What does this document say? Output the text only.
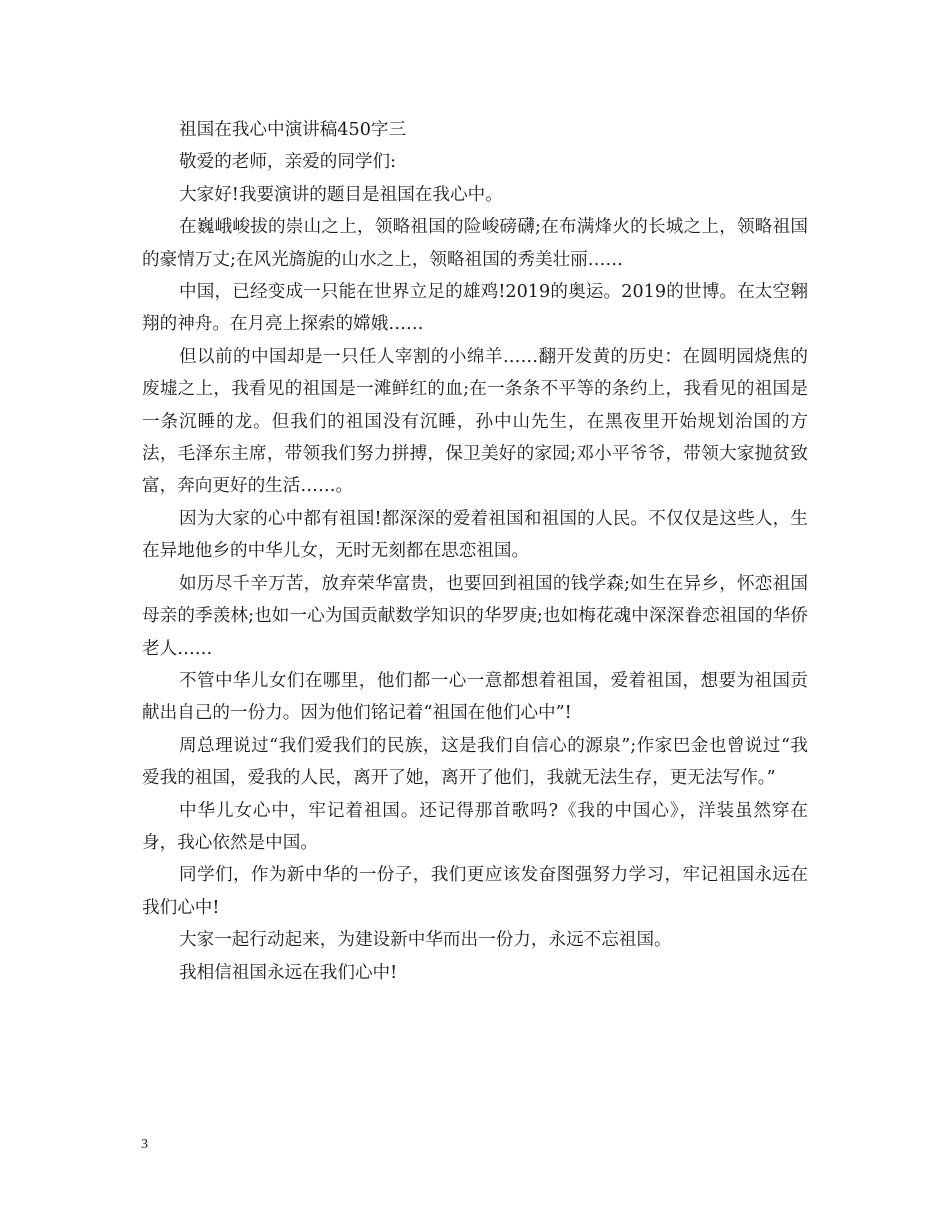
祖国在我心中演讲稿450字三

敬爱的老师，亲爱的同学们:

大家好!我要演讲的题目是祖国在我心中。

在巍峨峻拔的崇山之上，领略祖国的险峻磅礴;在布满烽火的长城之上，领略祖国的豪情万丈;在风光旖旎的山水之上，领略祖国的秀美壮丽……

中国，已经变成一只能在世界立足的雄鸡!2019的奥运。2019的世博。在太空翱翔的神舟。在月亮上探索的嫦娥……

但以前的中国却是一只任人宰割的小绵羊……翻开发黄的历史：在圆明园烧焦的废墟之上，我看见的祖国是一滩鲜红的血;在一条条不平等的条约上，我看见的祖国是一条沉睡的龙。但我们的祖国没有沉睡，孙中山先生，在黑夜里开始规划治国的方法，毛泽东主席，带领我们努力拼搏，保卫美好的家园;邓小平爷爷，带领大家抛贫致富，奔向更好的生活……。

因为大家的心中都有祖国!都深深的爱着祖国和祖国的人民。不仅仅是这些人，生在异地他乡的中华儿女，无时无刻都在思恋祖国。

如历尽千辛万苦，放弃荣华富贵，也要回到祖国的钱学森;如生在异乡，怀恋祖国母亲的季羡林;也如一心为国贡献数学知识的华罗庚;也如梅花魂中深深眷恋祖国的华侨老人……

不管中华儿女们在哪里，他们都一心一意都想着祖国，爱着祖国，想要为祖国贡献出自己的一份力。因为他们铭记着“祖国在他们心中”!

周总理说过“我们爱我们的民族，这是我们自信心的源泉”;作家巴金也曾说过“我爱我的祖国，爱我的人民，离开了她，离开了他们，我就无法生存，更无法写作。”

中华儿女心中，牢记着祖国。还记得那首歌吗?《我的中国心》，洋装虽然穿在身，我心依然是中国。

同学们，作为新中华的一份子，我们更应该发奋图强努力学习，牢记祖国永远在我们心中!

大家一起行动起来，为建设新中华而出一份力，永远不忘祖国。

我相信祖国永远在我们心中!

3
